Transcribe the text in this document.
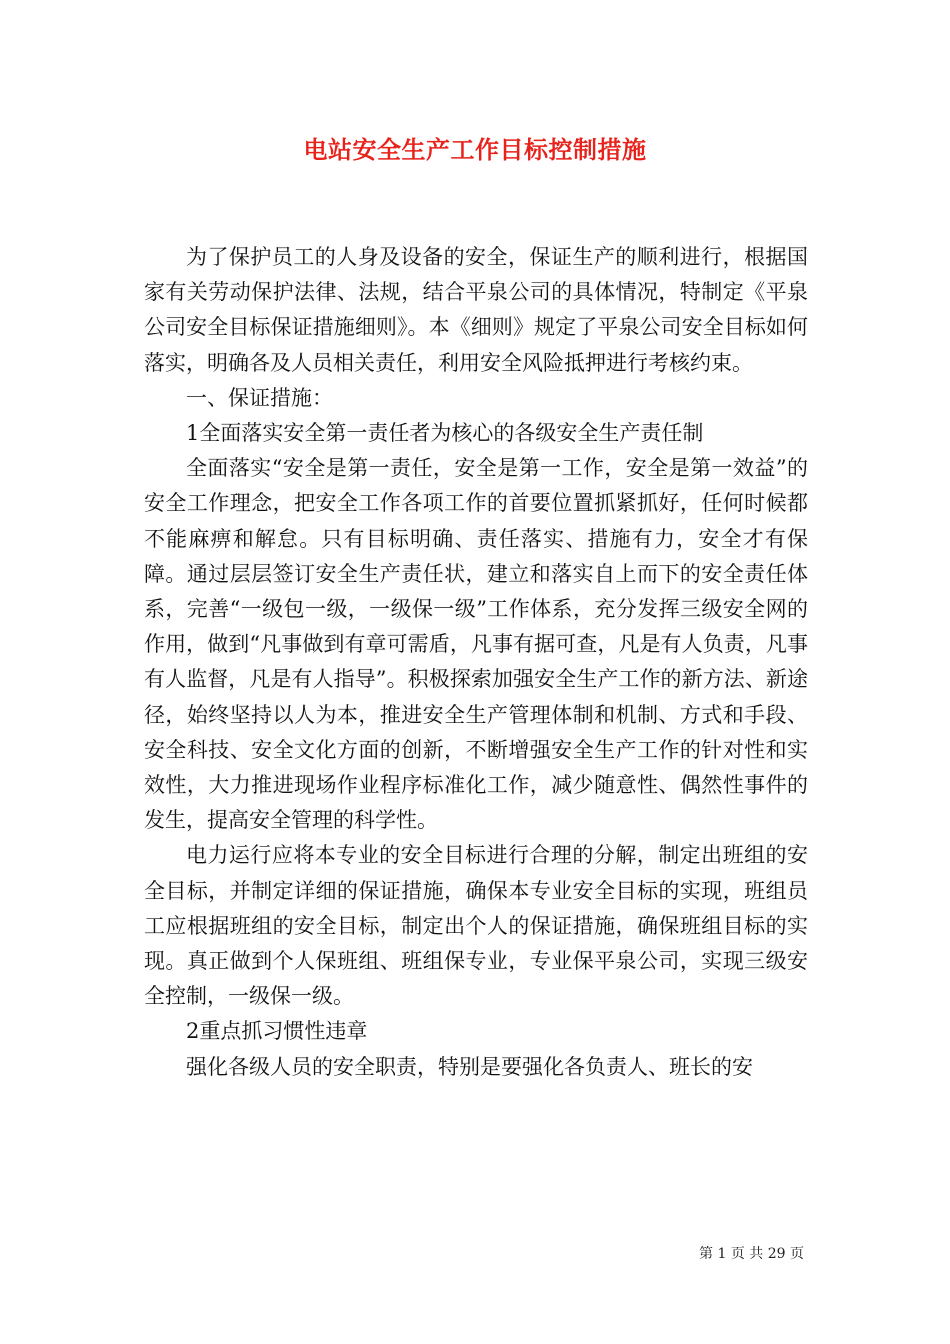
电站安全生产工作目标控制措施

为了保护员工的人身及设备的安全，保证生产的顺利进行，根据国家有关劳动保护法律、法规，结合平泉公司的具体情况，特制定《平泉公司安全目标保证措施细则》。本《细则》规定了平泉公司安全目标如何落实，明确各及人员相关责任，利用安全风险抵押进行考核约束。

一、保证措施：

1全面落实安全第一责任者为核心的各级安全生产责任制

全面落实“安全是第一责任，安全是第一工作，安全是第一效益”的安全工作理念，把安全工作各项工作的首要位置抓紧抓好，任何时候都不能麻痹和解怠。只有目标明确、责任落实、措施有力，安全才有保障。通过层层签订安全生产责任状，建立和落实自上而下的安全责任体系，完善“一级包一级，一级保一级”工作体系，充分发挥三级安全网的作用，做到“凡事做到有章可需盾，凡事有据可查，凡是有人负责，凡事有人监督，凡是有人指导”。积极探索加强安全生产工作的新方法、新途径，始终坚持以人为本，推进安全生产管理体制和机制、方式和手段、安全科技、安全文化方面的创新，不断增强安全生产工作的针对性和实效性，大力推进现场作业程序标准化工作，减少随意性、偶然性事件的发生，提高安全管理的科学性。

电力运行应将本专业的安全目标进行合理的分解，制定出班组的安全目标，并制定详细的保证措施，确保本专业安全目标的实现，班组员工应根据班组的安全目标，制定出个人的保证措施，确保班组目标的实现。真正做到个人保班组、班组保专业，专业保平泉公司，实现三级安全控制，一级保一级。

2重点抓习惯性违章

强化各级人员的安全职责，特别是要强化各负责人、班长的安

第 1 页 共 29 页
